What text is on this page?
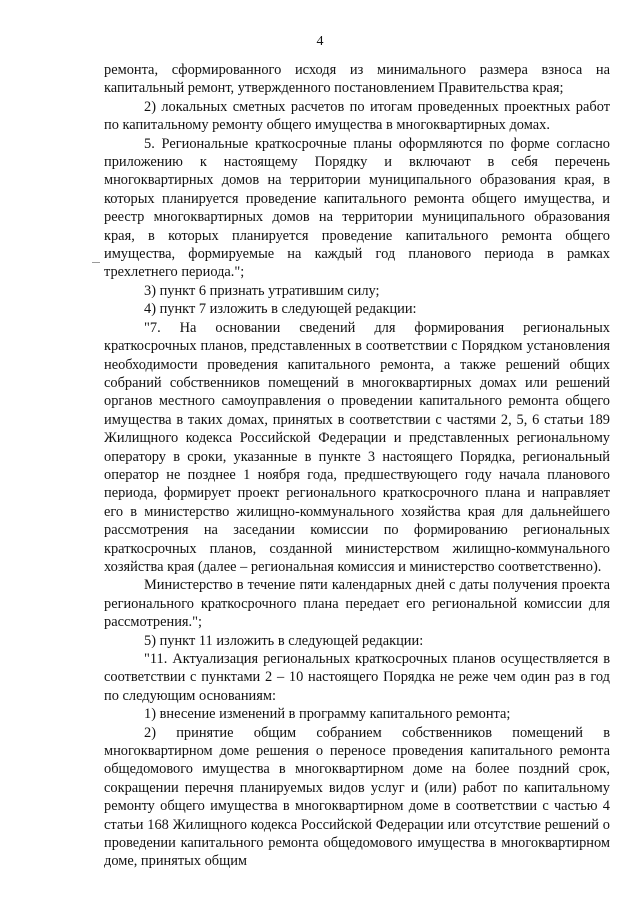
4

ремонта, сформированного исходя из минимального размера взноса на капитальный ремонт, утвержденного постановлением Правительства края;

2) локальных сметных расчетов по итогам проведенных проектных работ по капитальному ремонту общего имущества в многоквартирных домах.

5. Региональные краткосрочные планы оформляются по форме согласно приложению к настоящему Порядку и включают в себя перечень многоквартирных домов на территории муниципального образования края, в которых планируется проведение капитального ремонта общего имущества, и реестр многоквартирных домов на территории муниципального образования края, в которых планируется проведение капитального ремонта общего имущества, формируемые на каждый год планового периода в рамках трехлетнего периода.";

3) пункт 6 признать утратившим силу;

4) пункт 7 изложить в следующей редакции:

"7. На основании сведений для формирования региональных краткосрочных планов, представленных в соответствии с Порядком установления необходимости проведения капитального ремонта, а также решений общих собраний собственников помещений в многоквартирных домах или решений органов местного самоуправления о проведении капитального ремонта общего имущества в таких домах, принятых в соответствии с частями 2, 5, 6 статьи 189 Жилищного кодекса Российской Федерации и представленных региональному оператору в сроки, указанные в пункте 3 настоящего Порядка, региональный оператор не позднее 1 ноября года, предшествующего году начала планового периода, формирует проект регионального краткосрочного плана и направляет его в министерство жилищно-коммунального хозяйства края для дальнейшего рассмотрения на заседании комиссии по формированию региональных краткосрочных планов, созданной министерством жилищно-коммунального хозяйства края (далее – региональная комиссия и министерство соответственно).

Министерство в течение пяти календарных дней с даты получения проекта регионального краткосрочного плана передает его региональной комиссии для рассмотрения.";

5) пункт 11 изложить в следующей редакции:

"11. Актуализация региональных краткосрочных планов осуществляется в соответствии с пунктами 2 – 10 настоящего Порядка не реже чем один раз в год по следующим основаниям:

1) внесение изменений в программу капитального ремонта;

2) принятие общим собранием собственников помещений в многоквартирном доме решения о переносе проведения капитального ремонта общедомового имущества в многоквартирном доме на более поздний срок, сокращении перечня планируемых видов услуг и (или) работ по капитальному ремонту общего имущества в многоквартирном доме в соответствии с частью 4 статьи 168 Жилищного кодекса Российской Федерации или отсутствие решений о проведении капитального ремонта общедомового имущества в многоквартирном доме, принятых общим
